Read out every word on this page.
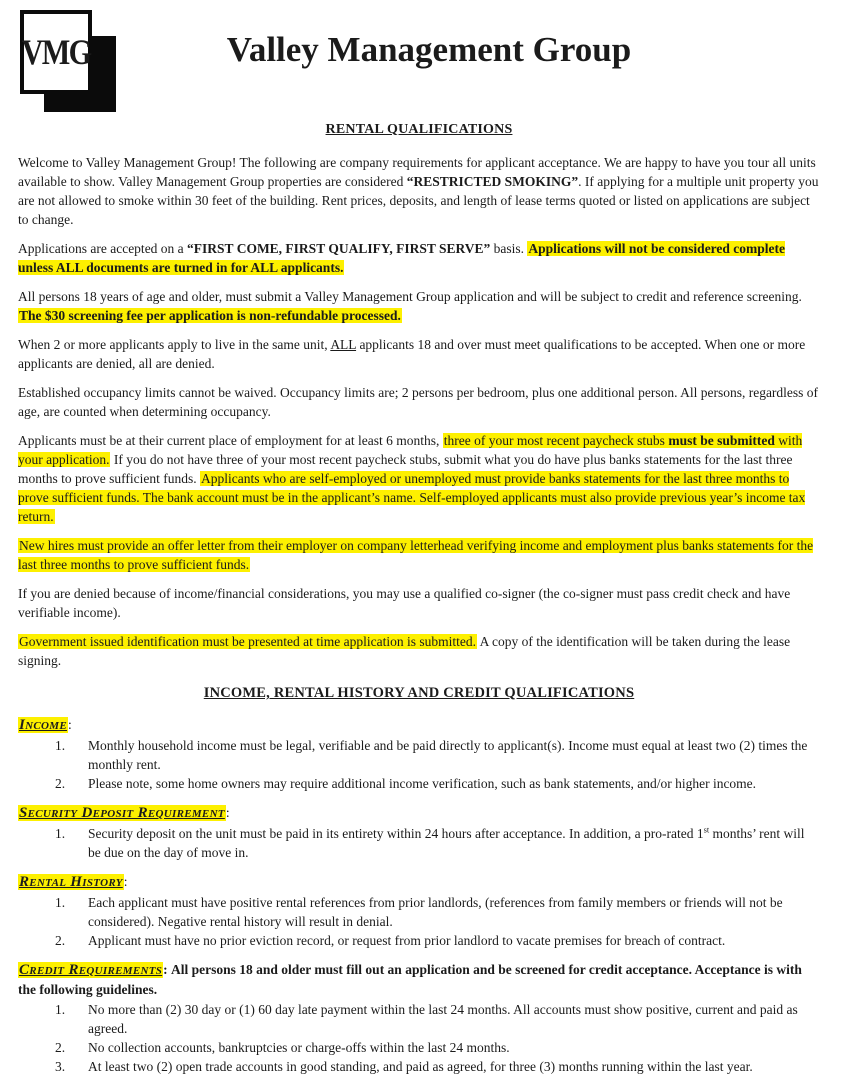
VMG	Valley Management Group
RENTAL QUALIFICATIONS

Welcome to Valley Management Group! The following are company requirements for applicant acceptance. We are happy to have you tour all units available to show. Valley Management Group properties are considered “RESTRICTED SMOKING”. If applying for a multiple unit property you are not allowed to smoke within 30 feet of the building. Rent prices, deposits, and length of lease terms quoted or listed on applications are subject to change.

Applications are accepted on a “FIRST COME, FIRST QUALIFY, FIRST SERVE” basis. Applications will not be considered complete unless ALL documents are turned in for ALL applicants.

All persons 18 years of age and older, must submit a Valley Management Group application and will be subject to credit and reference screening. The $30 screening fee per application is non-refundable processed.

When 2 or more applicants apply to live in the same unit, ALL applicants 18 and over must meet qualifications to be accepted. When one or more applicants are denied, all are denied.

Established occupancy limits cannot be waived. Occupancy limits are; 2 persons per bedroom, plus one additional person. All persons, regardless of age, are counted when determining occupancy.

Applicants must be at their current place of employment for at least 6 months, three of your most recent paycheck stubs must be submitted with your application. If you do not have three of your most recent paycheck stubs, submit what you do have plus banks statements for the last three months to prove sufficient funds. Applicants who are self-employed or unemployed must provide banks statements for the last three months to prove sufficient funds. The bank account must be in the applicant’s name. Self-employed applicants must also provide previous year’s income tax return.

New hires must provide an offer letter from their employer on company letterhead verifying income and employment plus banks statements for the last three months to prove sufficient funds.

If you are denied because of income/financial considerations, you may use a qualified co-signer (the co-signer must pass credit check and have verifiable income).

Government issued identification must be presented at time application is submitted. A copy of the identification will be taken during the lease signing.

INCOME, RENTAL HISTORY AND CREDIT QUALIFICATIONS

Income:

1.	Monthly household income must be legal, verifiable and be paid directly to applicant(s). Income must equal at least two (2) times the monthly rent.
2.	Please note, some home owners may require additional income verification, such as bank statements, and/or higher income.

Security Deposit Requirement:

1.	Security deposit on the unit must be paid in its entirety within 24 hours after acceptance. In addition, a pro-rated 1st months’ rent will be due on the day of move in.

Rental History:

1.	Each applicant must have positive rental references from prior landlords, (references from family members or friends will not be considered). Negative rental history will result in denial.
2.	Applicant must have no prior eviction record, or request from prior landlord to vacate premises for breach of contract.

Credit Requirements: All persons 18 and older must fill out an application and be screened for credit acceptance. Acceptance is with the following guidelines.

1.	No more than (2) 30 day or (1) 60 day late payment within the last 24 months. All accounts must show positive, current and paid as agreed.
2.	No collection accounts, bankruptcies or charge-offs within the last 24 months.
3.	At least two (2) open trade accounts in good standing, and paid as agreed, for three (3) months running within the last year.
